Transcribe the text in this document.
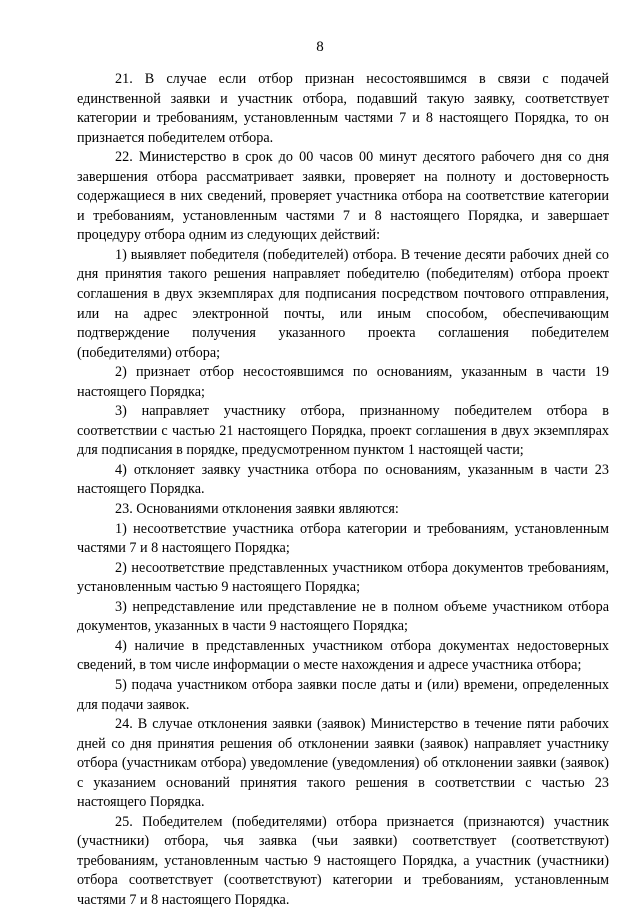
8

21. В случае если отбор признан несостоявшимся в связи с подачей единственной заявки и участник отбора, подавший такую заявку, соответствует категории и требованиям, установленным частями 7 и 8 настоящего Порядка, то он признается победителем отбора.

22. Министерство в срок до 00 часов 00 минут десятого рабочего дня со дня завершения отбора рассматривает заявки, проверяет на полноту и достоверность содержащиеся в них сведений, проверяет участника отбора на соответствие категории и требованиям, установленным частями 7 и 8 настоящего Порядка, и завершает процедуру отбора одним из следующих действий:

1) выявляет победителя (победителей) отбора. В течение десяти рабочих дней со дня принятия такого решения направляет победителю (победителям) отбора проект соглашения в двух экземплярах для подписания посредством почтового отправления, или на адрес электронной почты, или иным способом, обеспечивающим подтверждение получения указанного проекта соглашения победителем (победителями) отбора;

2) признает отбор несостоявшимся по основаниям, указанным в части 19 настоящего Порядка;

3) направляет участнику отбора, признанному победителем отбора в соответствии с частью 21 настоящего Порядка, проект соглашения в двух экземплярах для подписания в порядке, предусмотренном пунктом 1 настоящей части;

4) отклоняет заявку участника отбора по основаниям, указанным в части 23 настоящего Порядка.

23. Основаниями отклонения заявки являются:

1) несоответствие участника отбора категории и требованиям, установленным частями 7 и 8 настоящего Порядка;

2) несоответствие представленных участником отбора документов требованиям, установленным частью 9 настоящего Порядка;

3) непредставление или представление не в полном объеме участником отбора документов, указанных в части 9 настоящего Порядка;

4) наличие в представленных участником отбора документах недостоверных сведений, в том числе информации о месте нахождения и адресе участника отбора;

5) подача участником отбора заявки после даты и (или) времени, определенных для подачи заявок.

24. В случае отклонения заявки (заявок) Министерство в течение пяти рабочих дней со дня принятия решения об отклонении заявки (заявок) направляет участнику отбора (участникам отбора) уведомление (уведомления) об отклонении заявки (заявок) с указанием оснований принятия такого решения в соответствии с частью 23 настоящего Порядка.

25. Победителем (победителями) отбора признается (признаются) участник (участники) отбора, чья заявка (чьи заявки) соответствует (соответствуют) требованиям, установленным частью 9 настоящего Порядка, а участник (участники) отбора соответствует (соответствуют) категории и требованиям, установленным частями 7 и 8 настоящего Порядка.
